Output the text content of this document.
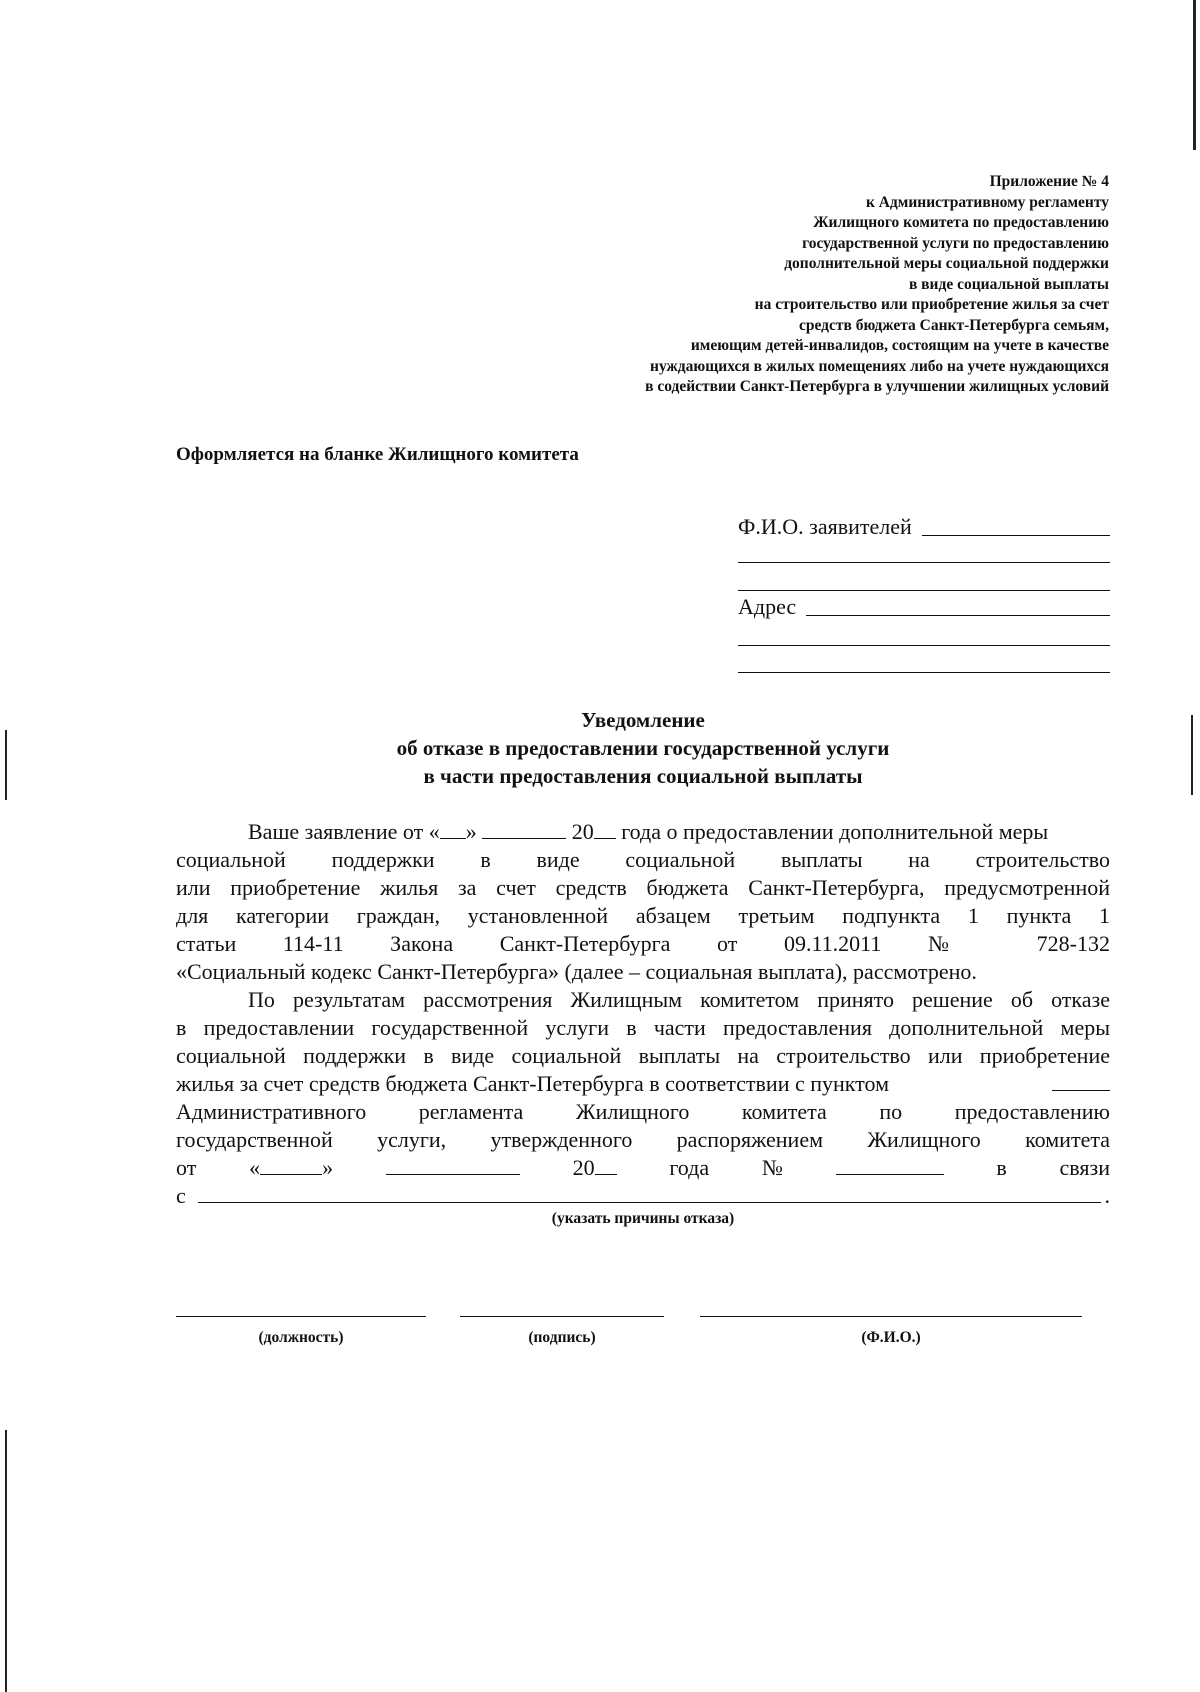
Приложение № 4
к Административному регламенту
Жилищного комитета по предоставлению
государственной услуги по предоставлению
дополнительной меры социальной поддержки
в виде социальной выплаты
на строительство или приобретение жилья за счет
средств бюджета Санкт-Петербурга семьям,
имеющим детей-инвалидов, состоящим на учете в качестве
нуждающихся в жилых помещениях либо на учете нуждающихся
в содействии Санкт-Петербурга в улучшении жилищных условий
Оформляется на бланке Жилищного комитета
Ф.И.О. заявителей
Адрес
Уведомление
об отказе в предоставлении государственной услуги
в части предоставления социальной выплаты
Ваше заявление от « »	20 года о предоставлении дополнительной меры
социальной поддержки в виде социальной выплаты на строительство
или приобретение жилья за счет средств бюджета Санкт-Петербурга, предусмотренной
для категории граждан, установленной абзацем третьим подпункта 1 пункта 1
статьи 114-11 Закона Санкт-Петербурга от 09.11.2011 № 728-132
«Социальный кодекс Санкт-Петербурга» (далее – социальная выплата), рассмотрено.
По результатам рассмотрения Жилищным комитетом принято решение об отказе
в предоставлении государственной услуги в части предоставления дополнительной меры
социальной поддержки в виде социальной выплаты на строительство или приобретение
жилья за счет средств бюджета Санкт-Петербурга в соответствии с пунктом
Административного регламента Жилищного комитета по предоставлению
государственной услуги, утвержденного распоряжением Жилищного комитета
от «	»	20	года №	в связи
с	.
(указать причины отказа)
(должность)	(подпись)	(Ф.И.О.)
